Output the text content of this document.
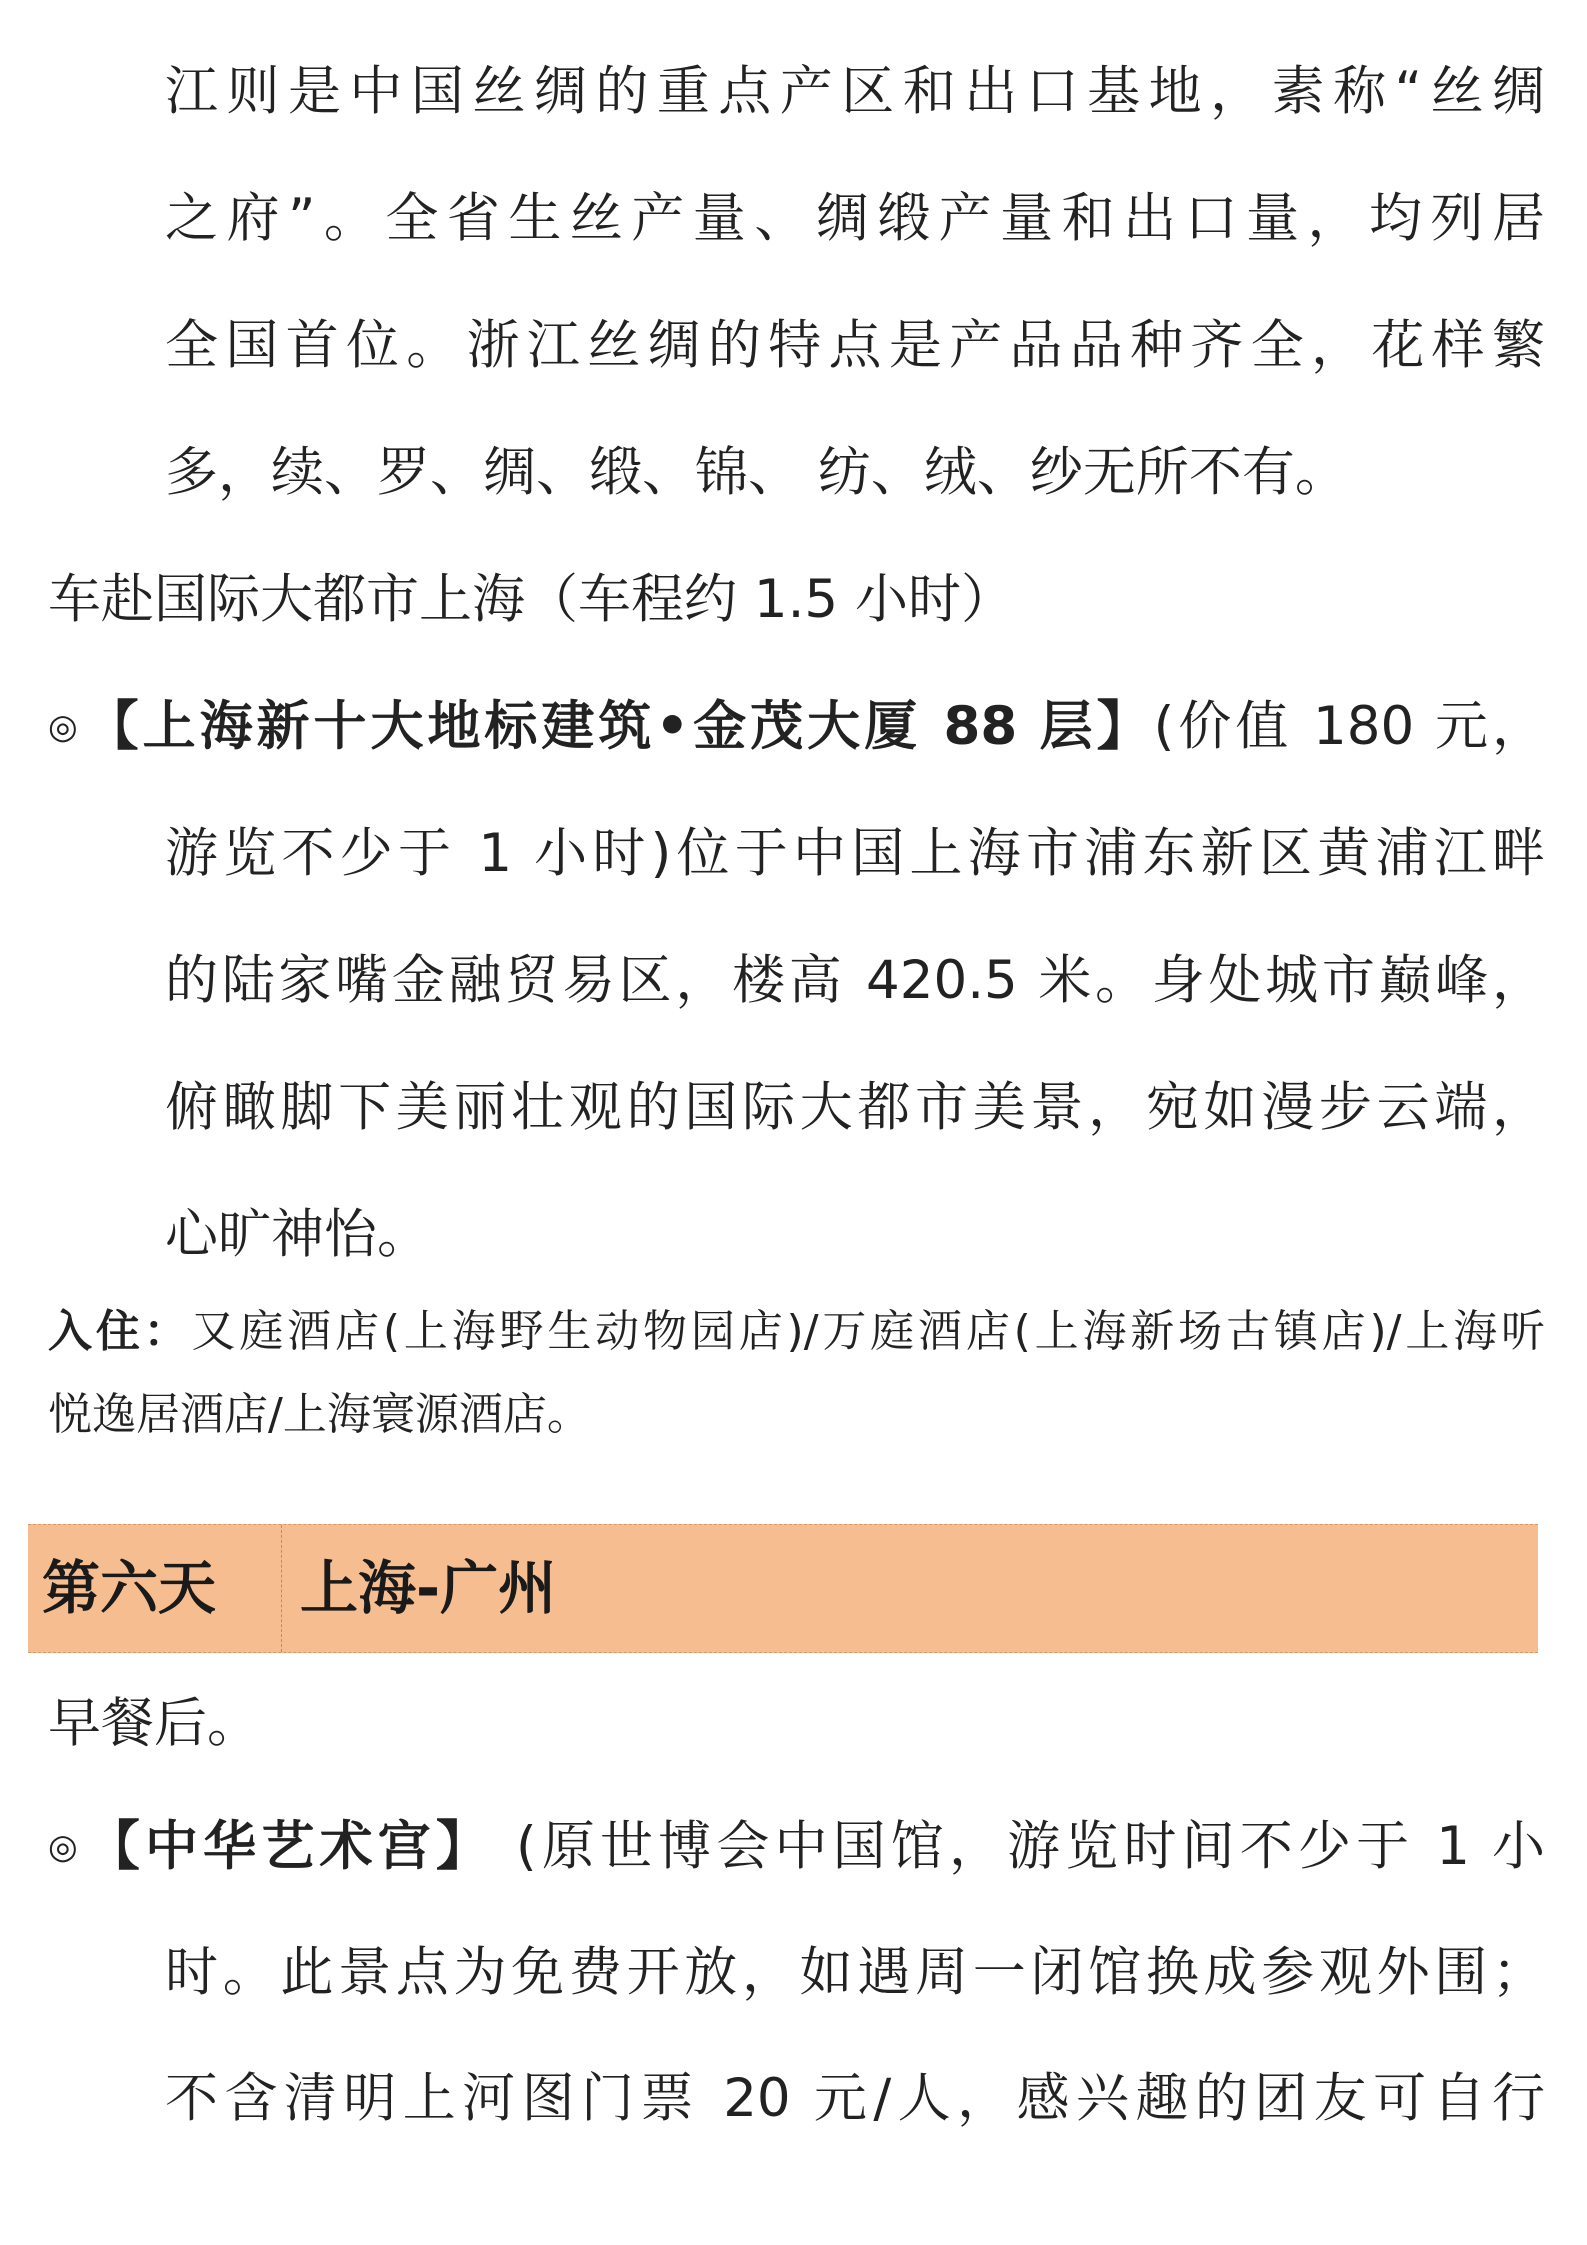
江则是中国丝绸的重点产区和出口基地，素称“丝绸

之府”。全省生丝产量、绸缎产量和出口量，均列居

全国首位。浙江丝绸的特点是产品品种齐全，花样繁

多，续、罗、绸、缎、锦、 纺、绒、纱无所不有。

车赴国际大都市上海（车程约 1.5 小时）

◎【上海新十大地标建筑•金茂大厦 88 层】(价值 180 元，

游览不少于 1 小时)位于中国上海市浦东新区黄浦江畔

的陆家嘴金融贸易区，楼高 420.5 米。身处城市巅峰，

俯瞰脚下美丽壮观的国际大都市美景，宛如漫步云端，

心旷神怡。

入住：又庭酒店(上海野生动物园店)/万庭酒店(上海新场古镇店)/上海听

悦逸居酒店/上海寰源酒店。

第六天 上海-广州

早餐后。

◎【中华艺术宫】 (原世博会中国馆，游览时间不少于 1 小

时。此景点为免费开放，如遇周一闭馆换成参观外围；

不含清明上河图门票 20 元/人，感兴趣的团友可自行
